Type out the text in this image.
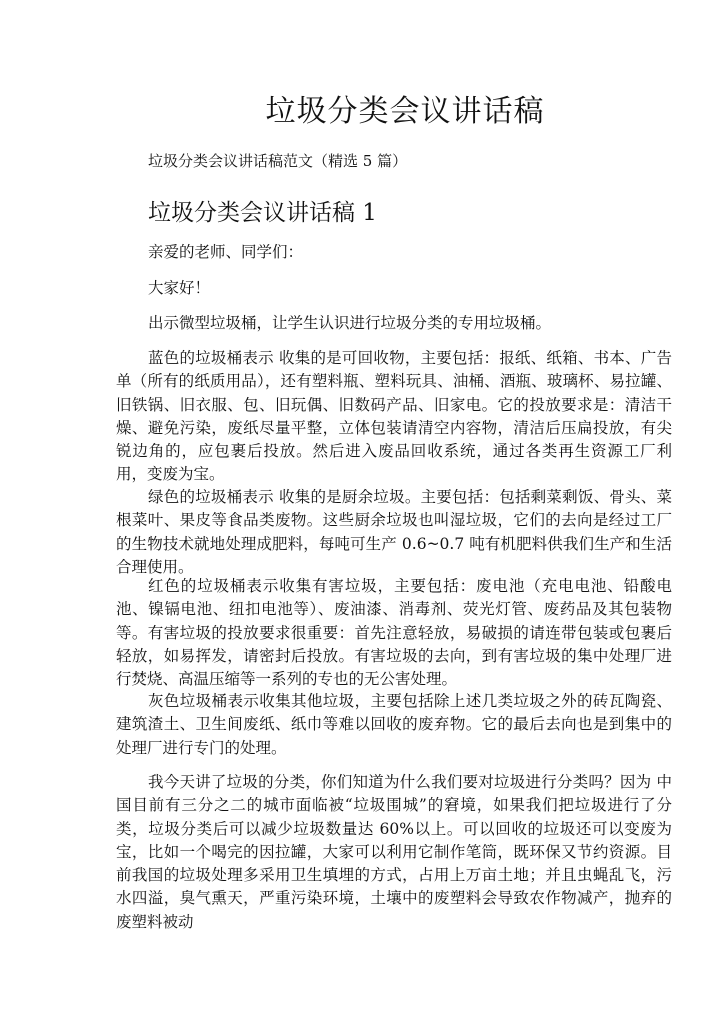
垃圾分类会议讲话稿
垃圾分类会议讲话稿范文（精选 5 篇）
垃圾分类会议讲话稿 1
亲爱的老师、同学们：
大家好！
出示微型垃圾桶，让学生认识进行垃圾分类的专用垃圾桶。
蓝色的垃圾桶表示 收集的是可回收物，主要包括：报纸、纸箱、书本、广告单（所有的纸质用品），还有塑料瓶、塑料玩具、油桶、酒瓶、玻璃杯、易拉罐、旧铁锅、旧衣服、包、旧玩偶、旧数码产品、旧家电。它的投放要求是：清洁干燥、避免污染，废纸尽量平整，立体包装请清空内容物，清洁后压扁投放，有尖锐边角的，应包裹后投放。然后进入废品回收系统，通过各类再生资源工厂利用，变废为宝。
绿色的垃圾桶表示 收集的是厨余垃圾。主要包括：包括剩菜剩饭、骨头、菜根菜叶、果皮等食品类废物。这些厨余垃圾也叫湿垃圾，它们的去向是经过工厂的生物技术就地处理成肥料，每吨可生产 0.6~0.7 吨有机肥料供我们生产和生活合理使用。
红色的垃圾桶表示收集有害垃圾，主要包括：废电池（充电电池、铅酸电池、镍镉电池、纽扣电池等）、废油漆、消毒剂、荧光灯管、废药品及其包装物等。有害垃圾的投放要求很重要：首先注意轻放，易破损的请连带包装或包裹后轻放，如易挥发，请密封后投放。有害垃圾的去向，到有害垃圾的集中处理厂进行焚烧、高温压缩等一系列的专也的无公害处理。
灰色垃圾桶表示收集其他垃圾，主要包括除上述几类垃圾之外的砖瓦陶瓷、建筑渣土、卫生间废纸、纸巾等难以回收的废弃物。它的最后去向也是到集中的处理厂进行专门的处理。
我今天讲了垃圾的分类，你们知道为什么我们要对垃圾进行分类吗？因为 中国目前有三分之二的城市面临被“垃圾围城”的窘境，如果我们把垃圾进行了分类，垃圾分类后可以减少垃圾数量达 60%以上。可以回收的垃圾还可以变废为宝，比如一个喝完的因拉罐，大家可以利用它制作笔筒，既环保又节约资源。目前我国的垃圾处理多采用卫生填埋的方式，占用上万亩土地；并且虫蝇乱飞，污水四溢，臭气熏天，严重污染环境，土壤中的废塑料会导致农作物减产，抛弃的废塑料被动
